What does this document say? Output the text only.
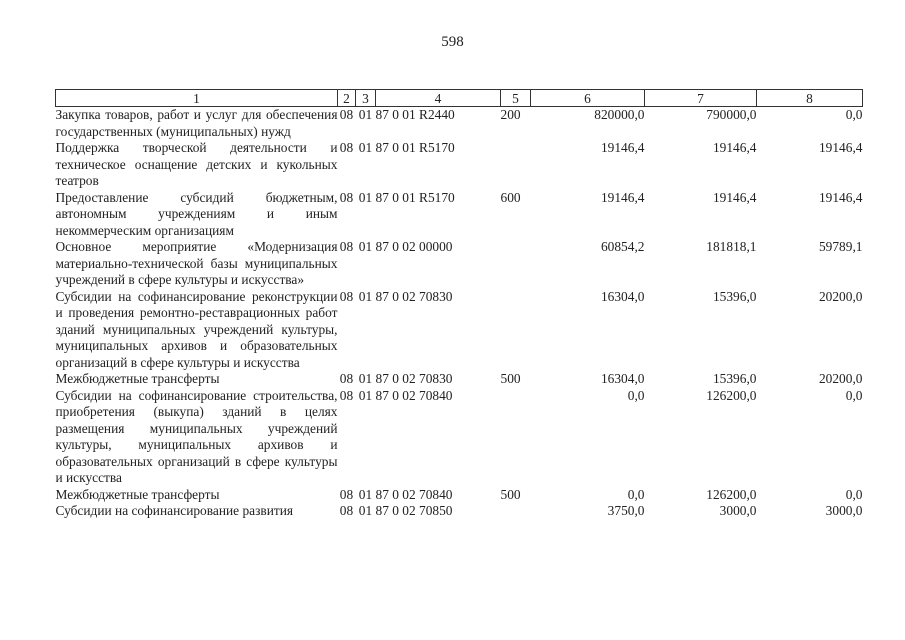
598
1	2	3	4	5	6	7	8
Закупка товаров, работ и услуг для обеспечения государственных (муниципальных) нужд	08	01	87 0 01 R2440	200	820000,0	790000,0	0,0
Поддержка творческой деятельности и техническое оснащение детских и кукольных театров	08	01	87 0 01 R5170		19146,4	19146,4	19146,4
Предоставление субсидий бюджетным, автономным учреждениям и иным некоммерческим организациям	08	01	87 0 01 R5170	600	19146,4	19146,4	19146,4
Основное мероприятие «Модернизация материально-технической базы муниципальных учреждений в сфере культуры и искусства»	08	01	87 0 02 00000		60854,2	181818,1	59789,1
Субсидии на софинансирование реконструкции и проведения ремонтно-реставрационных работ зданий муниципальных учреждений культуры, муниципальных архивов и образовательных организаций в сфере культуры и искусства	08	01	87 0 02 70830		16304,0	15396,0	20200,0
Межбюджетные трансферты	08	01	87 0 02 70830	500	16304,0	15396,0	20200,0
Субсидии на софинансирование строительства, приобретения (выкупа) зданий в целях размещения муниципальных учреждений культуры, муниципальных архивов и образовательных организаций в сфере культуры и искусства	08	01	87 0 02 70840		0,0	126200,0	0,0
Межбюджетные трансферты	08	01	87 0 02 70840	500	0,0	126200,0	0,0
Субсидии на софинансирование развития	08	01	87 0 02 70850		3750,0	3000,0	3000,0
